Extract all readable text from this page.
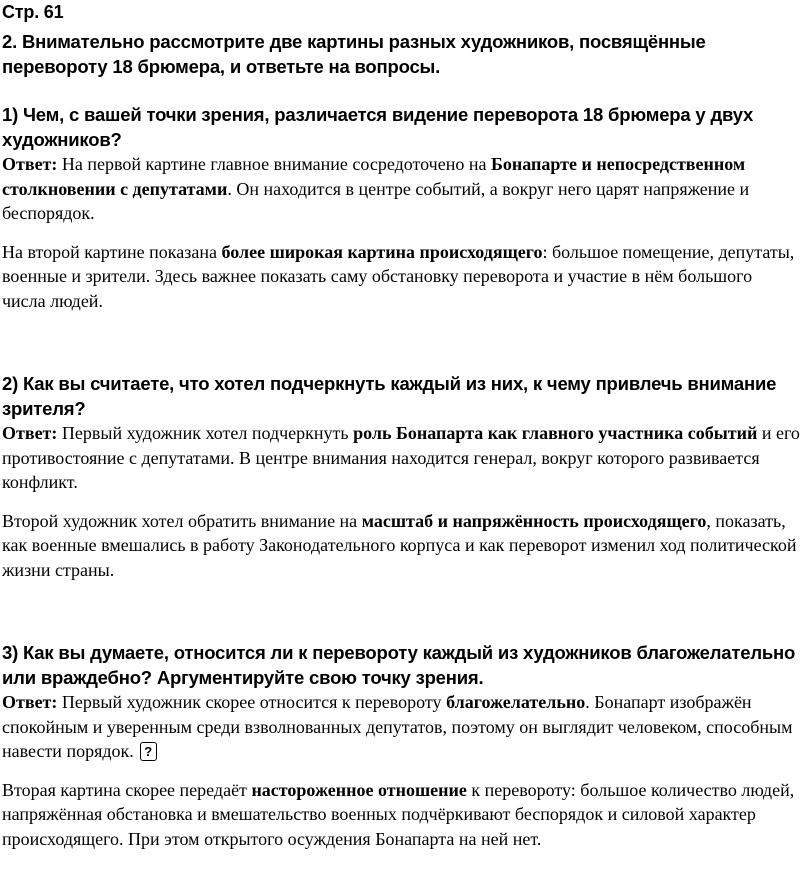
Стр. 61

2. Внимательно рассмотрите две картины разных художников, посвящённые перевороту 18 брюмера, и ответьте на вопросы.

1) Чем, с вашей точки зрения, различается видение переворота 18 брюмера у двух художников?

Ответ: На первой картине главное внимание сосредоточено на Бонапарте и непосредственном столкновении с депутатами. Он находится в центре событий, а вокруг него царят напряжение и беспорядок.

На второй картине показана более широкая картина происходящего: большое помещение, депутаты, военные и зрители. Здесь важнее показать саму обстановку переворота и участие в нём большого числа людей.

2) Как вы считаете, что хотел подчеркнуть каждый из них, к чему привлечь внимание зрителя?

Ответ: Первый художник хотел подчеркнуть роль Бонапарта как главного участника событий и его противостояние с депутатами. В центре внимания находится генерал, вокруг которого развивается конфликт.

Второй художник хотел обратить внимание на масштаб и напряжённость происходящего, показать, как военные вмешались в работу Законодательного корпуса и как переворот изменил ход политической жизни страны.

3) Как вы думаете, относится ли к перевороту каждый из художников благожелательно или враждебно? Аргументируйте свою точку зрения.

Ответ: Первый художник скорее относится к перевороту благожелательно. Бонапарт изображён спокойным и уверенным среди взволнованных депутатов, поэтому он выглядит человеком, способным навести порядок. ?

Вторая картина скорее передаёт настороженное отношение к перевороту: большое количество людей, напряжённая обстановка и вмешательство военных подчёркивают беспорядок и силовой характер происходящего. При этом открытого осуждения Бонапарта на ней нет.
